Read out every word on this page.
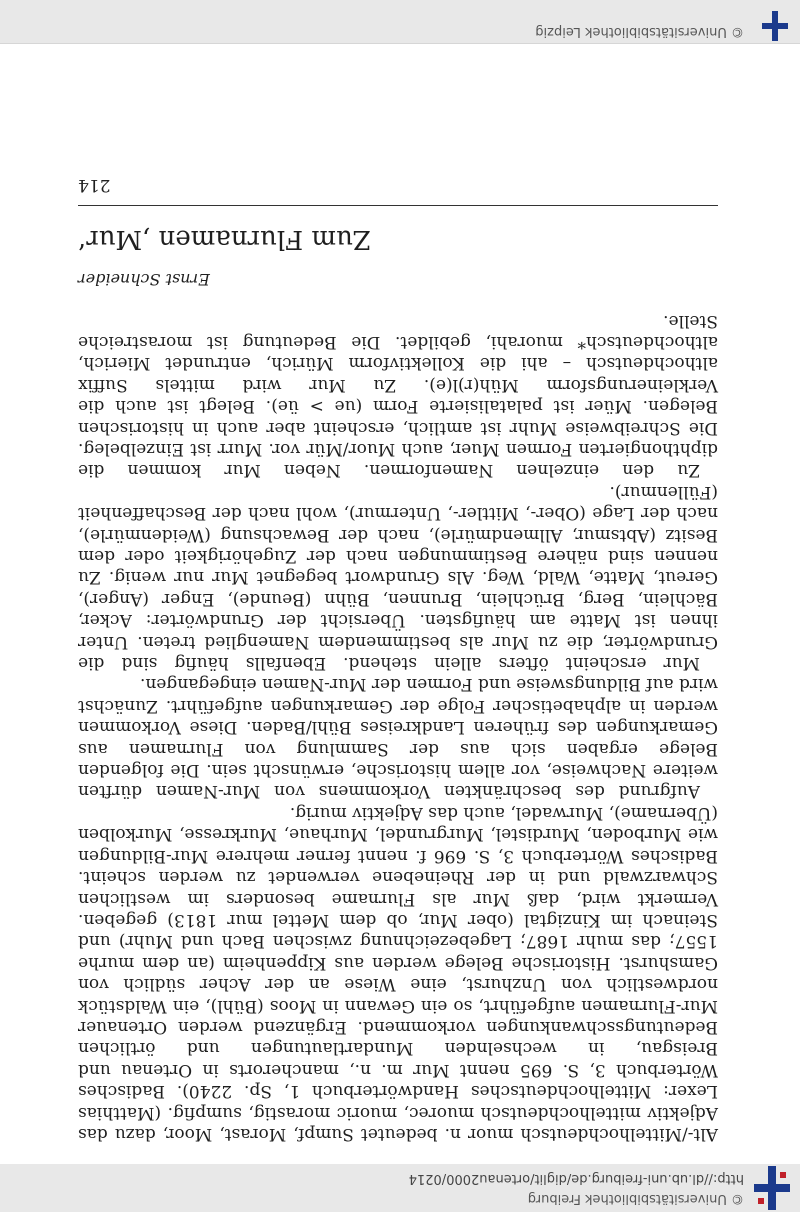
© Universitätsbibliothek Freiburg
http://dl.ub.uni-freiburg.de/diglit/ortenau2000/0214

Alt-/Mittelhochdeutsch muor n. bedeutet Sumpf, Morast, Moor, dazu das Adjektiv mittelhochdeutsch muorec, muoric morastig, sumpfig. (Matthias Lexer: Mittelhochdeutsches Handwörterbuch 1, Sp. 2240). Badisches Wörterbuch 3, S. 695 nennt Mur m. n., mancherorts in Ortenau und Breisgau, in wechselnden Mundartlautungen und örtlichen Bedeutungsschwankungen vorkommend. Ergänzend werden Ortenauer Mur-Flurnamen aufgeführt, so ein Gewann in Moos (Bühl), ein Waldstück nordwestlich von Unzhurst, eine Wiese an der Acher südlich von Gamshurst. Historische Belege werden aus Kippenheim (an dem murhe 1557; das muhr 1687; Lagebezeichnung zwischen Bach und Muhr) und Steinach im Kinzigtal (ober Mur, ob dem Mettel mur 1813) gegeben. Vermerkt wird, daß Mur als Flurname besonders im westlichen Schwarzwald und in der Rheinebene verwendet zu werden scheint. Badisches Wörterbuch 3, S. 696 f. nennt ferner mehrere Mur-Bildungen wie Murboden, Murdistel, Murgrundel, Murhaue, Murkresse, Murkolben (Übername), Murwadel, auch das Adjektiv murig.

Aufgrund des beschränkten Vorkommens von Mur-Namen dürften weitere Nachweise, vor allem historische, erwünscht sein. Die folgenden Belege ergaben sich aus der Sammlung von Flurnamen aus Gemarkungen des früheren Landkreises Bühl/Baden. Diese Vorkommen werden in alphabetischer Folge der Gemarkungen aufgeführt. Zunächst wird auf Bildungsweise und Formen der Mur-Namen eingegangen.

Mur erscheint öfters allein stehend. Ebenfalls häufig sind die Grundwörter, die zu Mur als bestimmendem Namenglied treten. Unter ihnen ist Matte am häufigsten. Übersicht der Grundwörter: Acker, Bächlein, Berg, Brüchlein, Brunnen, Bühn (Beunde), Enger (Anger), Gereut, Matte, Wald, Weg. Als Grundwort begegnet Mur nur wenig. Zu nennen sind nähere Bestimmungen nach der Zugehörigkeit oder dem Besitz (Abtsmur, Allmendmürle), nach der Bewachsung (Weidenmürle), nach der Lage (Ober-, Mittler-, Untermur), wohl nach der Beschaffenheit (Füllenmur).

Zu den einzelnen Namenformen. Neben Mur kommen die diphthongierten Formen Muer, auch Muor/Mür vor. Murr ist Einzelbeleg. Die Schreibweise Muhr ist amtlich, erscheint aber auch in historischen Belegen. Müer ist palatalisierte Form (ue > üe). Belegt ist auch die Verkleinerungsform Müh(r)l(e). Zu Mur wird mittels Suffix althochdeutsch – ahi die Kollektivform Mürich, entrundet Mierich, althochdeutsch* muorahi, gebildet. Die Bedeutung ist morastreiche Stelle.

Ernst Schneider
Zum Flurnamen ‚Mur‘

214

© Universitätsbibliothek Leipzig
